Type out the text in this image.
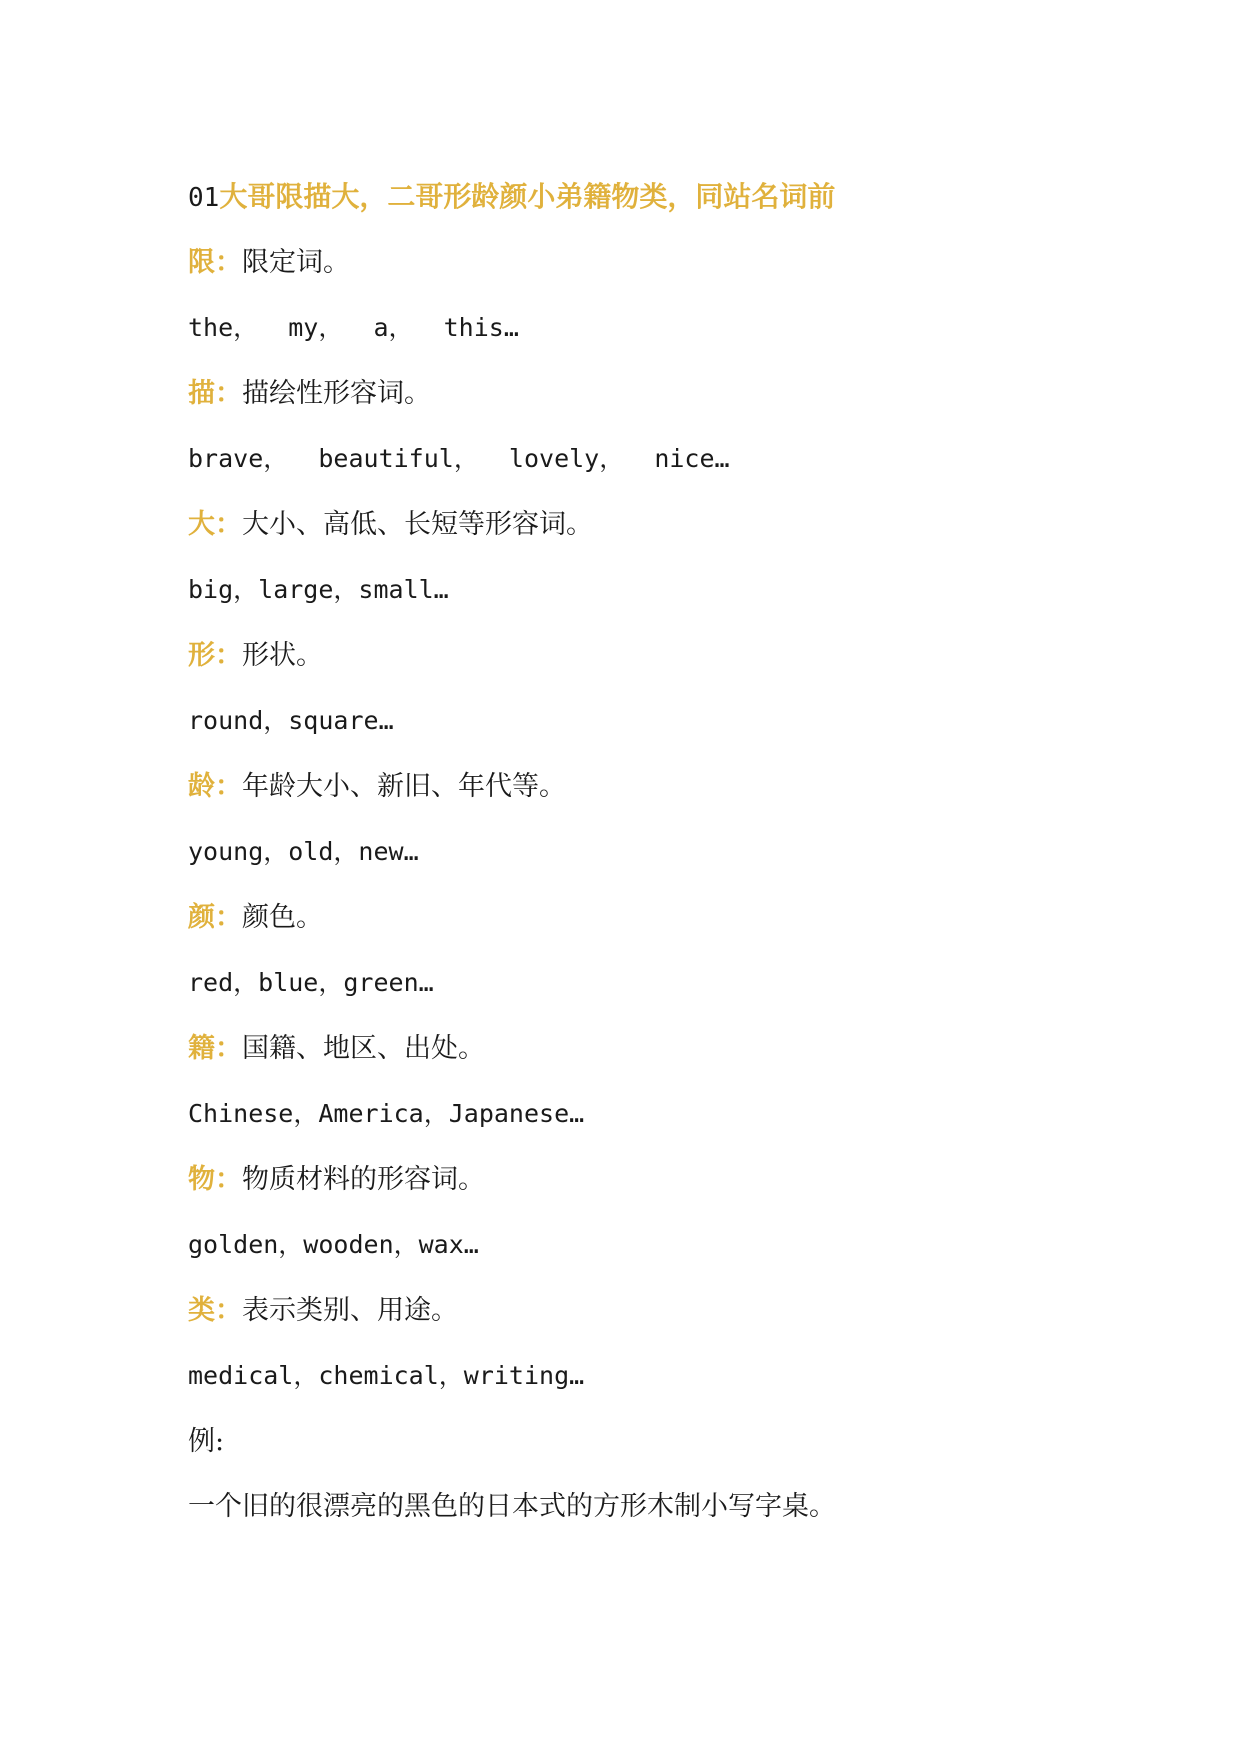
01大哥限描大，二哥形龄颜小弟籍物类，同站名词前
限：限定词。
the，  my，  a，  this…
描：描绘性形容词。
brave，  beautiful，  lovely，  nice…
大：大小、高低、长短等形容词。
big，large，small…
形：形状。
round，square…
龄：年龄大小、新旧、年代等。
young，old，new…
颜：颜色。
red，blue，green…
籍：国籍、地区、出处。
Chinese，America，Japanese…
物：物质材料的形容词。
golden，wooden，wax…
类：表示类别、用途。
medical，chemical，writing…
例:
一个旧的很漂亮的黑色的日本式的方形木制小写字桌。
